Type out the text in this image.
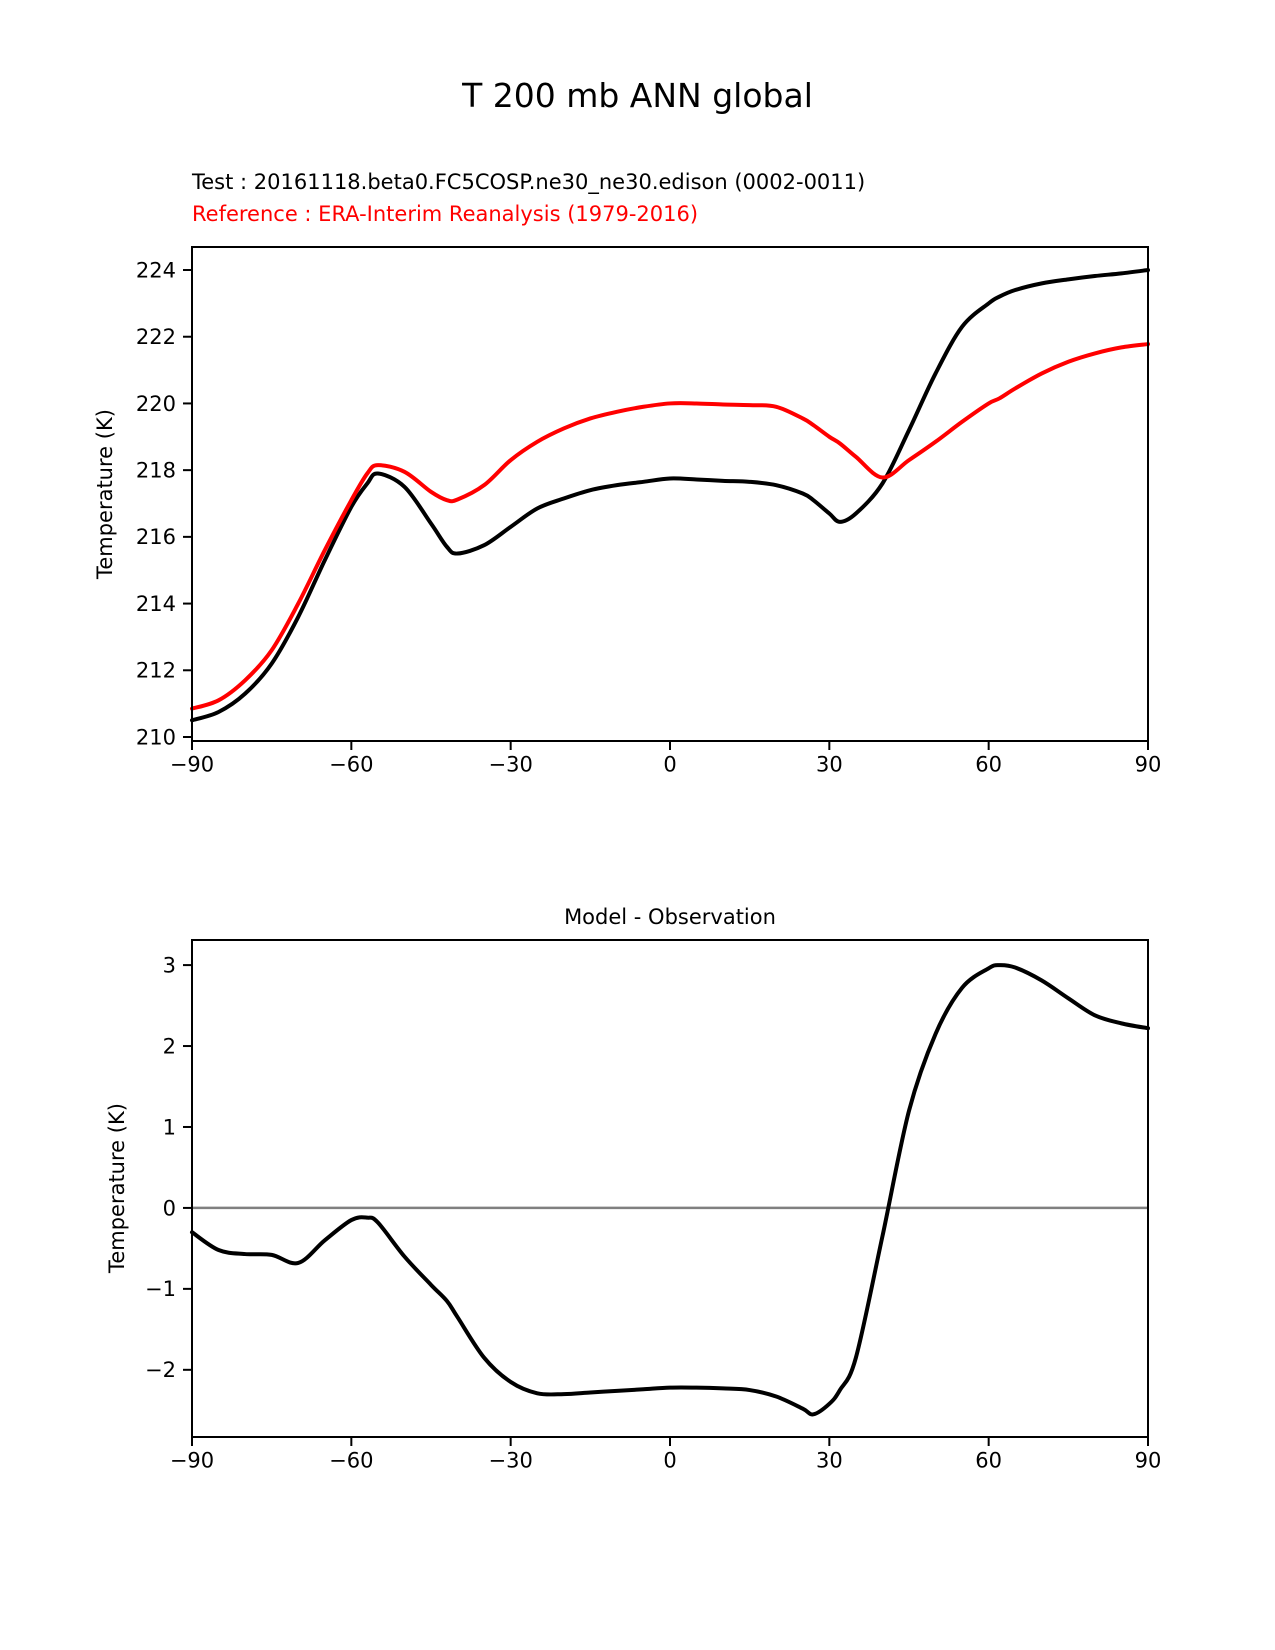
T 200 mb ANN global
Test : 20161118.beta0.FC5COSP.ne30_ne30.edison (0002-0011)
Reference : ERA-Interim Reanalysis (1979-2016)
Temperature (K)
Model - Observation
Temperature (K)
−90	−60	−30	0	30	60	90
210
212
214
216
218
220
222
224
−90	−60	−30	0	30	60	90
3
2
1
0
−1
−2
